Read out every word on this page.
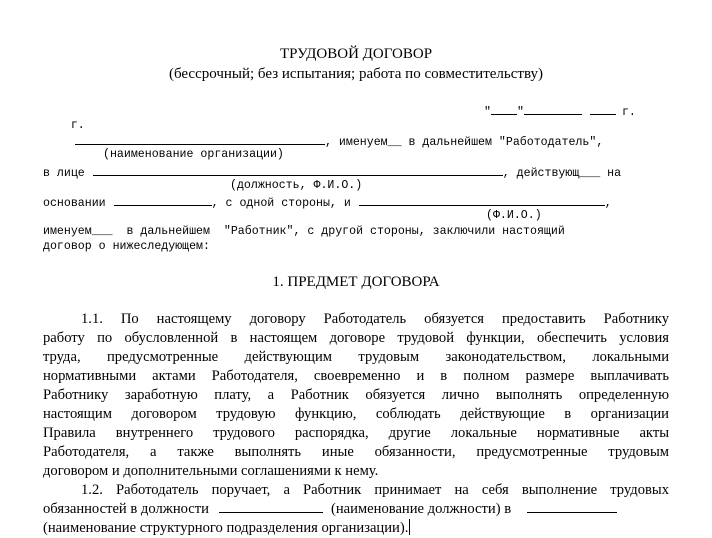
ТРУДОВОЙ ДОГОВОР
(бессрочный; без испытания; работа по совместительству)

г.

" "	г.
, именуем__ в дальнейшем "Работодатель",
(наименование организации)
в лице	, действующ___ на
(должность, Ф.И.О.)
основании	, с одной стороны, и	,
(Ф.И.О.)
именуем___  в дальнейшем  "Работник", с другой стороны, заключили настоящий
договор о нижеследующем:
1. ПРЕДМЕТ ДОГОВОРА
1.1. По настоящему договору Работодатель обязуется предоставить Работнику
работу по обусловленной в настоящем договоре трудовой функции, обеспечить условия
труда, предусмотренные действующим трудовым законодательством, локальными
нормативными актами Работодателя, своевременно и в полном размере выплачивать
Работнику заработную плату, а Работник обязуется лично выполнять определенную
настоящим договором трудовую функцию, соблюдать действующие в организации
Правила внутреннего трудового распорядка, другие локальные нормативные акты
Работодателя, а также выполнять иные обязанности, предусмотренные трудовым
договором и дополнительными соглашениями к нему.
1.2. Работодатель поручает, а Работник принимает на себя выполнение трудовых
обязанностей в должности	(наименование должности) в
(наименование структурного подразделения организации).
